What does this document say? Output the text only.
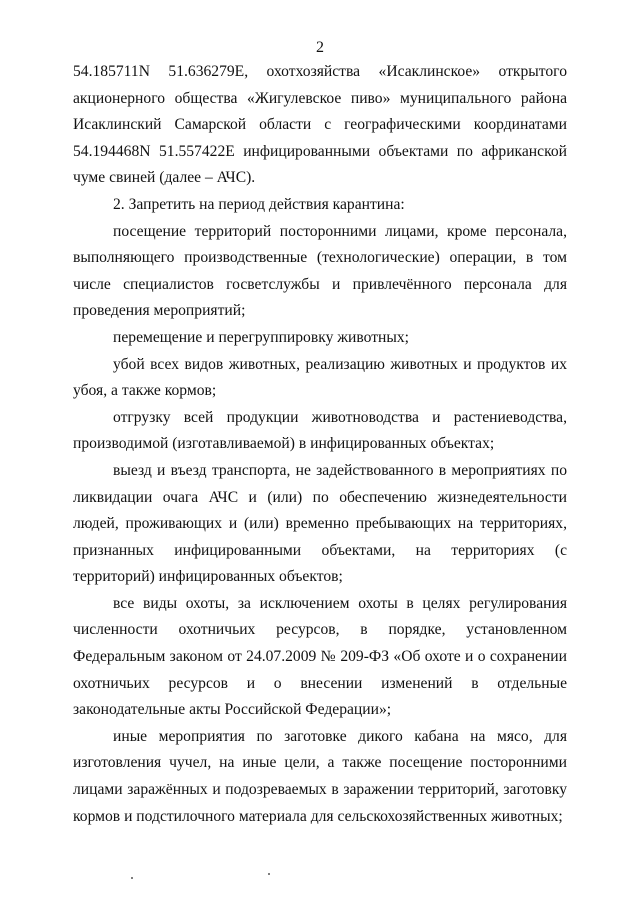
2

54.185711N 51.636279E, охотхозяйства «Исаклинское» открытого акционерного общества «Жигулевское пиво» муниципального района Исаклинский Самарской области с географическими координатами 54.194468N 51.557422E инфицированными объектами по африканской чуме свиней (далее – АЧС).

2. Запретить на период действия карантина:

посещение территорий посторонними лицами, кроме персонала, выполняющего производственные (технологические) операции, в том числе специалистов госветслужбы и привлечённого персонала для проведения мероприятий;

перемещение и перегруппировку животных;

убой всех видов животных, реализацию животных и продуктов их убоя, а также кормов;

отгрузку всей продукции животноводства и растениеводства, производимой (изготавливаемой) в инфицированных объектах;

выезд и въезд транспорта, не задействованного в мероприятиях по ликвидации очага АЧС и (или) по обеспечению жизнедеятельности людей, проживающих и (или) временно пребывающих на территориях, признанных инфицированными объектами, на территориях (с территорий) инфицированных объектов;

все виды охоты, за исключением охоты в целях регулирования численности охотничьих ресурсов, в порядке, установленном Федеральным законом от 24.07.2009 № 209-ФЗ «Об охоте и о сохранении охотничьих ресурсов и о внесении изменений в отдельные законодательные акты Российской Федерации»;

иные мероприятия по заготовке дикого кабана на мясо, для изготовления чучел, на иные цели, а также посещение посторонними лицами заражённых и подозреваемых в заражении территорий, заготовку кормов и подстилочного материала для сельскохозяйственных животных;
